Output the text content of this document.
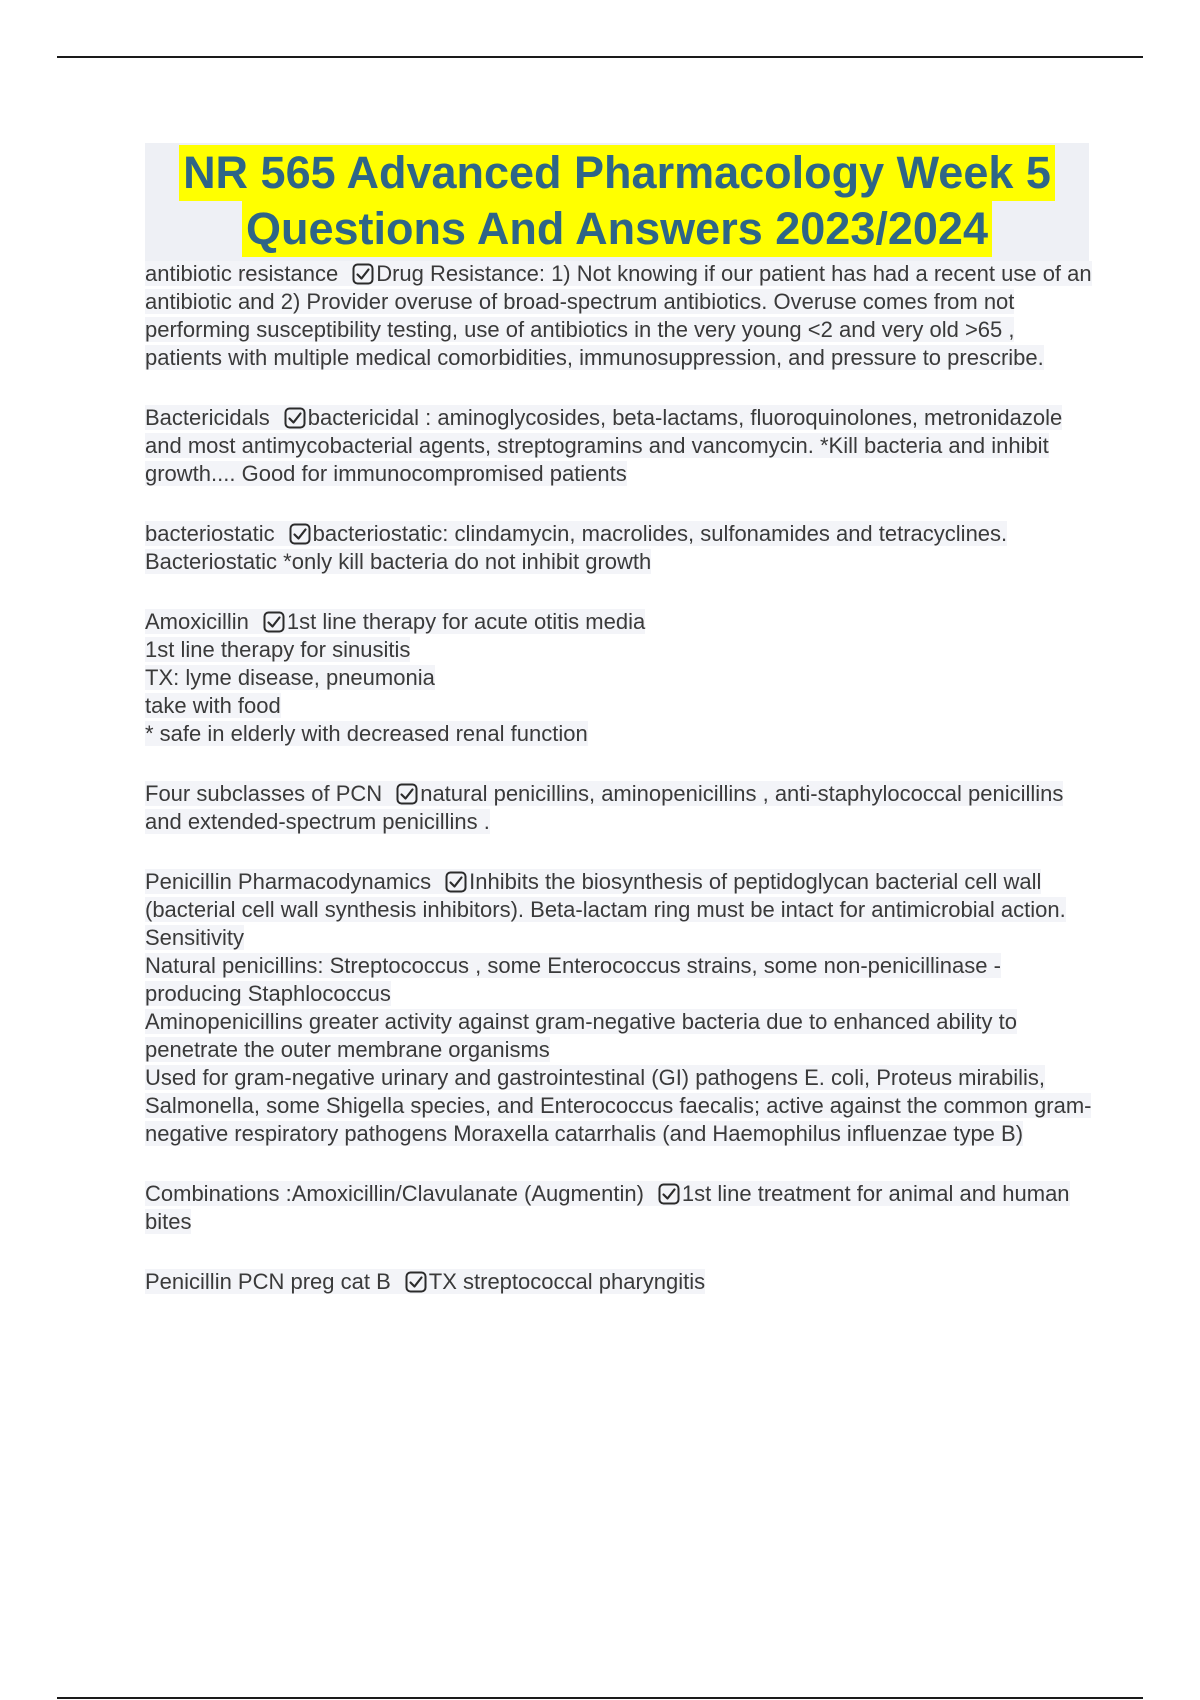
NR 565 Advanced Pharmacology Week 5
Questions And Answers 2023/2024
antibiotic resistance Drug Resistance: 1) Not knowing if our patient has had a recent use of an antibiotic and 2) Provider overuse of broad-spectrum antibiotics. Overuse comes from not performing susceptibility testing, use of antibiotics in the very young <2 and very old >65 , patients with multiple medical comorbidities, immunosuppression, and pressure to prescribe.
Bactericidals bactericidal : aminoglycosides, beta-lactams, fluoroquinolones, metronidazole and most antimycobacterial agents, streptogramins and vancomycin. *Kill bacteria and inhibit growth.... Good for immunocompromised patients
bacteriostatic bacteriostatic: clindamycin, macrolides, sulfonamides and tetracyclines. Bacteriostatic *only kill bacteria do not inhibit growth
Amoxicillin 1st line therapy for acute otitis media
1st line therapy for sinusitis
TX: lyme disease, pneumonia
take with food
* safe in elderly with decreased renal function
Four subclasses of PCN natural penicillins, aminopenicillins , anti-staphylococcal penicillins and extended-spectrum penicillins .
Penicillin Pharmacodynamics Inhibits the biosynthesis of peptidoglycan bacterial cell wall (bacterial cell wall synthesis inhibitors). Beta-lactam ring must be intact for antimicrobial action.
Sensitivity
Natural penicillins: Streptococcus , some Enterococcus strains, some non-penicillinase -producing Staphlococcus
Aminopenicillins greater activity against gram-negative bacteria due to enhanced ability to penetrate the outer membrane organisms
Used for gram-negative urinary and gastrointestinal (GI) pathogens E. coli, Proteus mirabilis, Salmonella, some Shigella species, and Enterococcus faecalis; active against the common gram- negative respiratory pathogens Moraxella catarrhalis (and Haemophilus influenzae type B)
Combinations :Amoxicillin/Clavulanate (Augmentin) 1st line treatment for animal and human bites
Penicillin PCN preg cat B TX streptococcal pharyngitis
